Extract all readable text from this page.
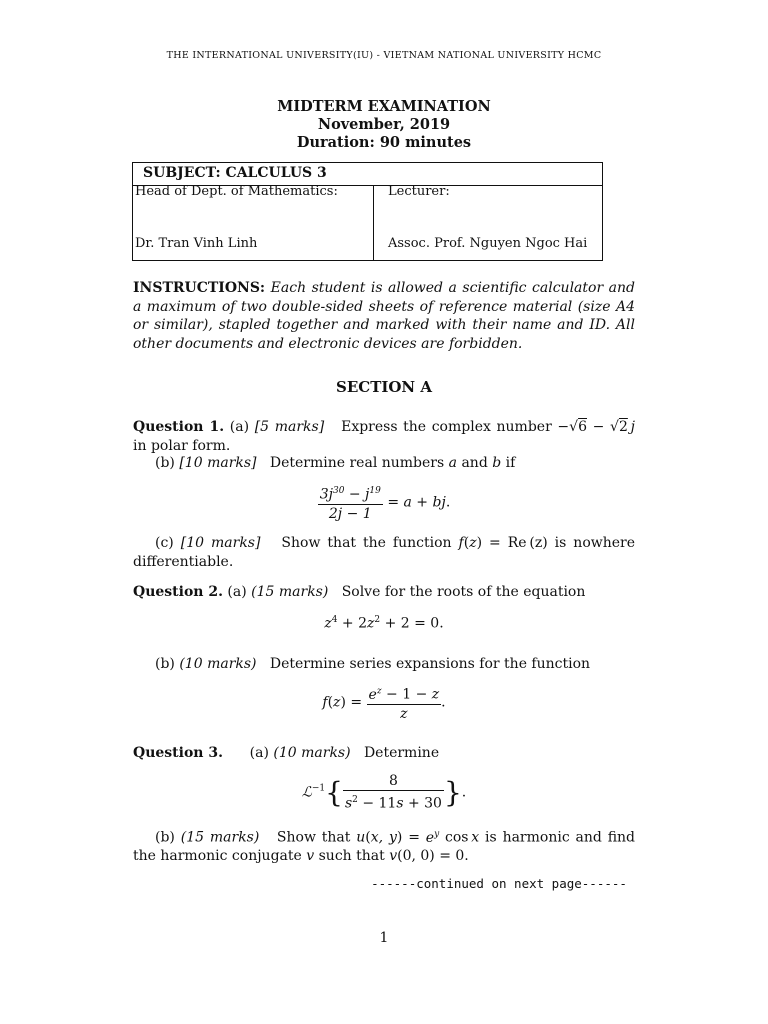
THE INTERNATIONAL UNIVERSITY(IU) - VIETNAM NATIONAL UNIVERSITY HCMC
MIDTERM EXAMINATION
November, 2019
Duration: 90 minutes
SUBJECT: CALCULUS 3
Head of Dept. of Mathematics:	Lecturer:
Dr. Tran Vinh Linh	Assoc. Prof. Nguyen Ngoc Hai
INSTRUCTIONS: Each student is allowed a scientific calculator and a maximum of two double-sided sheets of reference material (size A4 or similar), stapled together and marked with their name and ID. All other documents and electronic devices are forbidden.
SECTION A
Question 1. (a) [5 marks] Express the complex number −√6 − √2  j in polar form.
(b) [10 marks] Determine real numbers a and b if
$\frac{3j^{30} - j^{19}}{2j - 1} = a$ + bj.
(c) [10 marks] Show that the function f(z) = Re (z) is nowhere differentiable.
Question 2. (a) (15 marks) Solve for the roots of the equation
$z^4 + 2z^2 + 2 = 0$.
(b) (10 marks) Determine series expansions for the function
$f(z) = \frac{e^z - 1 - z}{z}$ .
Question 3. (a) (10 marks) Determine
ℒ$^{-1}${ $\frac{8}{s^2 - 11s + 30}$ }.
(b) (15 marks) Show that u(x, $y) = e^y$ cos x is harmonic and find the harmonic conjugate v such that v(0, 0) = 0.
------continued on next page------
1
